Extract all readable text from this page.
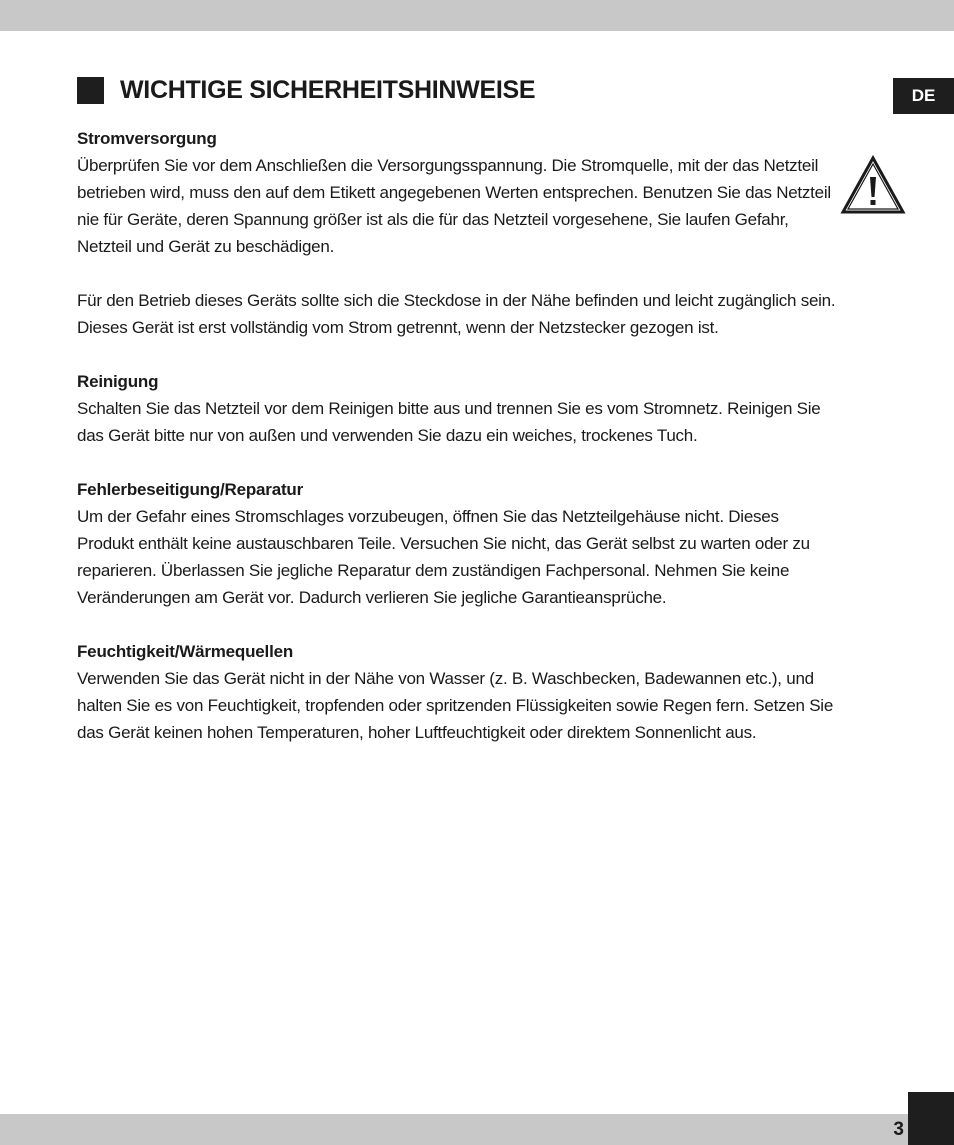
WICHTIGE SICHERHEITSHINWEISE	DE
Stromversorgung

Überprüfen Sie vor dem Anschließen die Versorgungsspannung. Die Stromquelle, mit der das Netzteil betrieben wird, muss den auf dem Etikett angegebenen Werten entsprechen. Benutzen Sie das Netzteil nie für Geräte, deren Spannung größer ist als die für das Netzteil vorgesehene, Sie laufen Gefahr, Netzteil und Gerät zu beschädigen.

Für den Betrieb dieses Geräts sollte sich die Steckdose in der Nähe befinden und leicht zugänglich sein.

Dieses Gerät ist erst vollständig vom Strom getrennt, wenn der Netzstecker gezogen ist.

Reinigung

Schalten Sie das Netzteil vor dem Reinigen bitte aus und trennen Sie es vom Stromnetz. Reinigen Sie das Gerät bitte nur von außen und verwenden Sie dazu ein weiches, trockenes Tuch.

Fehlerbeseitigung/Reparatur

Um der Gefahr eines Stromschlages vorzubeugen, öffnen Sie das Netzteilgehäuse nicht. Dieses Produkt enthält keine austauschbaren Teile. Versuchen Sie nicht, das Gerät selbst zu warten oder zu reparieren. Überlassen Sie jegliche Reparatur dem zuständigen Fachpersonal. Nehmen Sie keine Veränderungen am Gerät vor. Dadurch verlieren Sie jegliche Garantieansprüche.

Feuchtigkeit/Wärmequellen

Verwenden Sie das Gerät nicht in der Nähe von Wasser (z. B. Waschbecken, Badewannen etc.), und halten Sie es von Feuchtigkeit, tropfenden oder spritzenden Flüssigkeiten sowie Regen fern. Setzen Sie das Gerät keinen hohen Temperaturen, hoher Luftfeuchtigkeit oder direktem Sonnenlicht aus.

3
